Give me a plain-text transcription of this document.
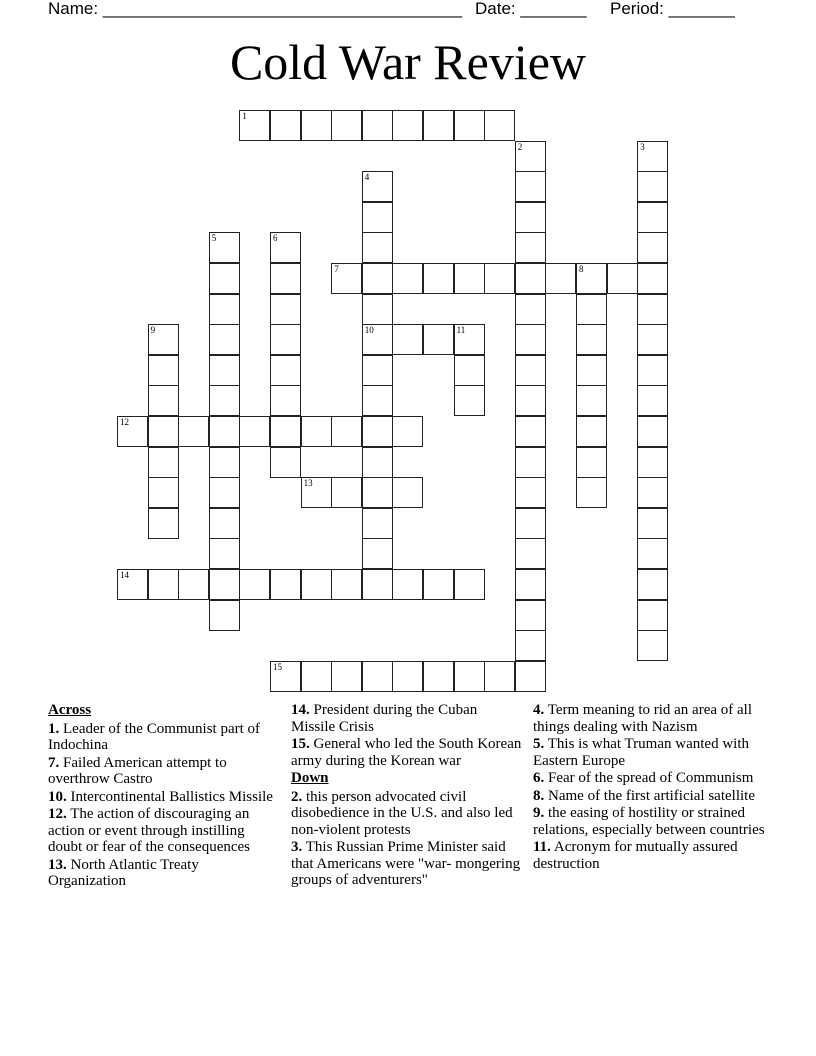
Name: ______________________________________ Date: _______ Period: _______
Cold War Review
1
2	3
4
10
5	6
7	8
9	11
12
13
14
15
Across
1. Leader of the Communist part of Indochina
7. Failed American attempt to overthrow Castro
10. Intercontinental Ballistics Missile
12. The action of discouraging an action or event through instilling doubt or fear of the consequences
13. North Atlantic Treaty Organization
14. President during the Cuban Missile Crisis
15. General who led the South Korean army during the Korean war
Down
2. this person advocated civil disobedience in the U.S. and also led non-violent protests
3. This Russian Prime Minister said that Americans were "war- mongering groups of adventurers"
4. Term meaning to rid an area of all things dealing with Nazism
5. This is what Truman wanted with Eastern Europe
6. Fear of the spread of Communism
8. Name of the first artificial satellite
9. the easing of hostility or strained relations, especially between countries
11. Acronym for mutually assured destruction
